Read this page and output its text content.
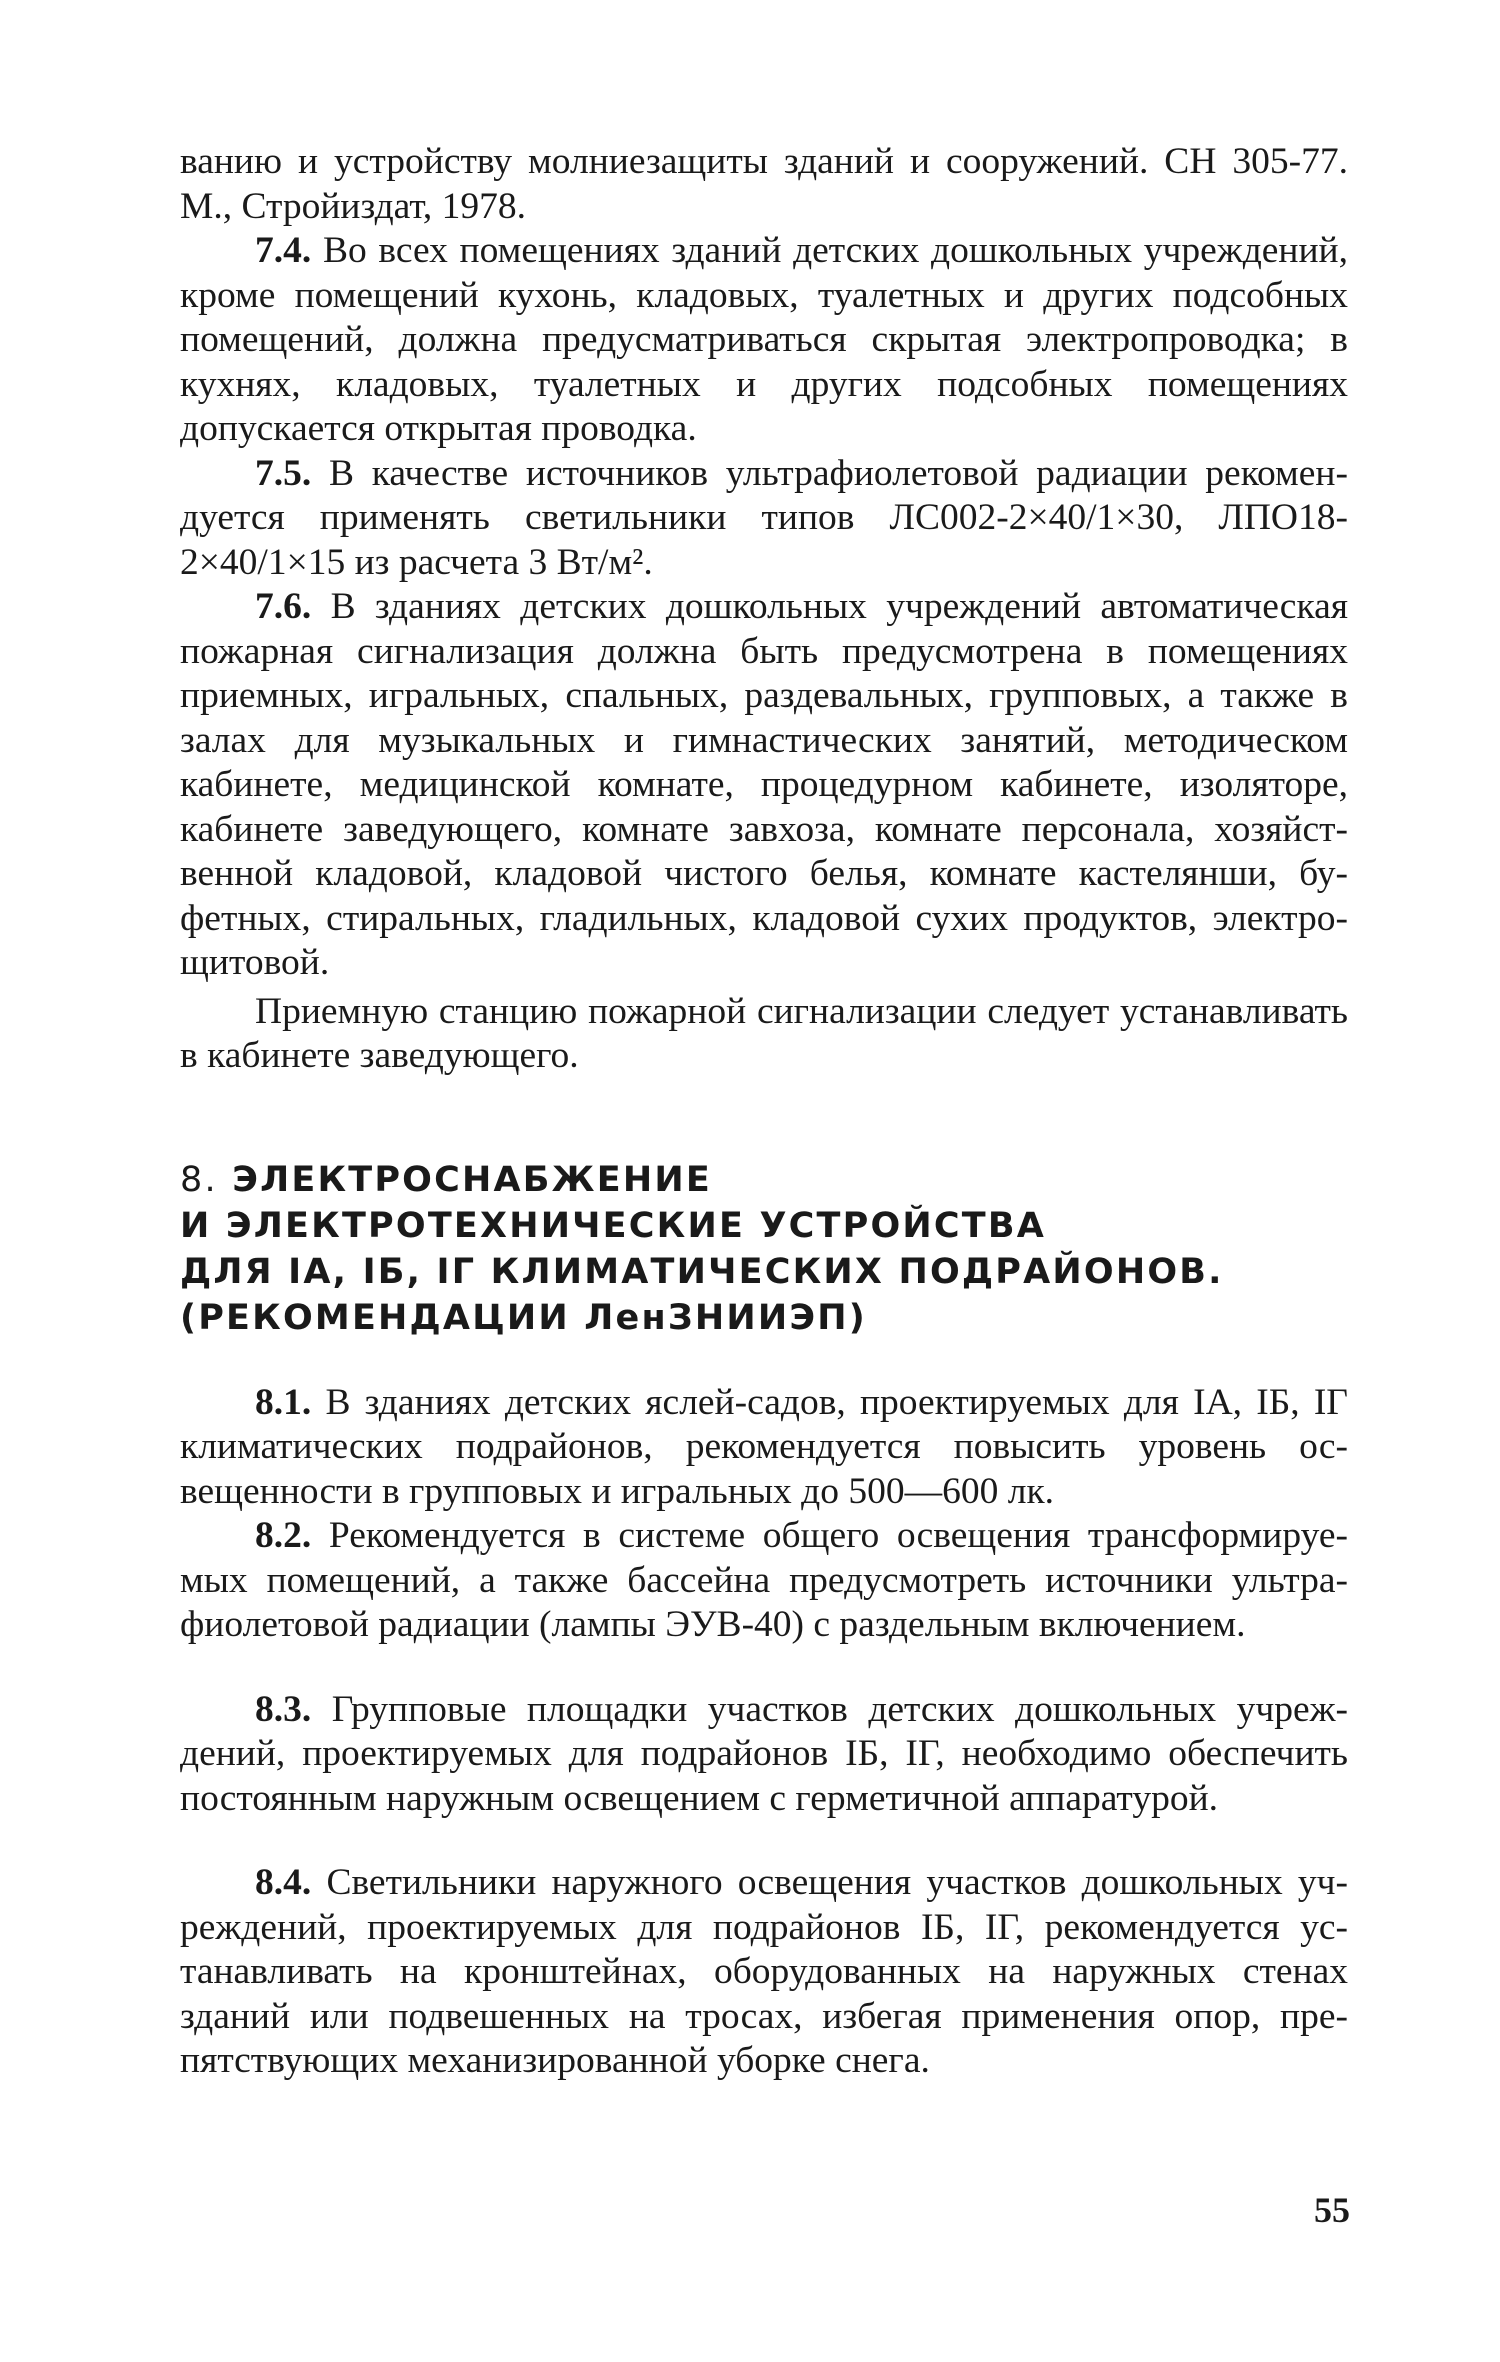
ванию и устройству молниезащиты зданий и сооружений. СН 305-77. М., Стройиздат, 1978.

7.4. Во всех помещениях зданий детских дошкольных учреждений, кроме помещений кухонь, кладовых, туалетных и других подсобных помещений, должна предусматриваться скрытая электропроводка; в кухнях, кладовых, туалетных и других подсобных помещениях допускается открытая проводка.

7.5. В качестве источников ультрафиолетовой радиации рекомендуется применять светильники типов ЛС002-2×40/1×30, ЛПО18-2×40/1×15 из расчета 3 Вт/м².

7.6. В зданиях детских дошкольных учреждений автоматическая пожарная сигнализация должна быть предусмотрена в помещениях приемных, игральных, спальных, раздевальных, групповых, а также в залах для музыкальных и гимнастических занятий, методическом кабинете, медицинской комнате, процедурном кабинете, изоляторе, кабинете заведующего, комнате завхоза, комнате персонала, хозяйственной кладовой, кладовой чистого белья, комнате кастелянши, буфетных, стиральных, гладильных, кладовой сухих продуктов, электрощитовой.

Приемную станцию пожарной сигнализации следует устанавливать в кабинете заведующего.

8. ЭЛЕКТРОСНАБЖЕНИЕ
И ЭЛЕКТРОТЕХНИЧЕСКИЕ УСТРОЙСТВА
ДЛЯ IА, IБ, IГ КЛИМАТИЧЕСКИХ ПОДРАЙОНОВ.
(РЕКОМЕНДАЦИИ ЛенЗНИИЭП)

8.1. В зданиях детских яслей-садов, проектируемых для IА, IБ, IГ климатических подрайонов, рекомендуется повысить уровень освещенности в групповых и игральных до 500—600 лк.

8.2. Рекомендуется в системе общего освещения трансформируемых помещений, а также бассейна предусмотреть источники ультрафиолетовой радиации (лампы ЭУВ-40) с раздельным включением.

8.3. Групповые площадки участков детских дошкольных учреждений, проектируемых для подрайонов IБ, IГ, необходимо обеспечить постоянным наружным освещением с герметичной аппаратурой.

8.4. Светильники наружного освещения участков дошкольных учреждений, проектируемых для подрайонов IБ, IГ, рекомендуется устанавливать на кронштейнах, оборудованных на наружных стенах зданий или подвешенных на тросах, избегая применения опор, препятствующих механизированной уборке снега.

55
